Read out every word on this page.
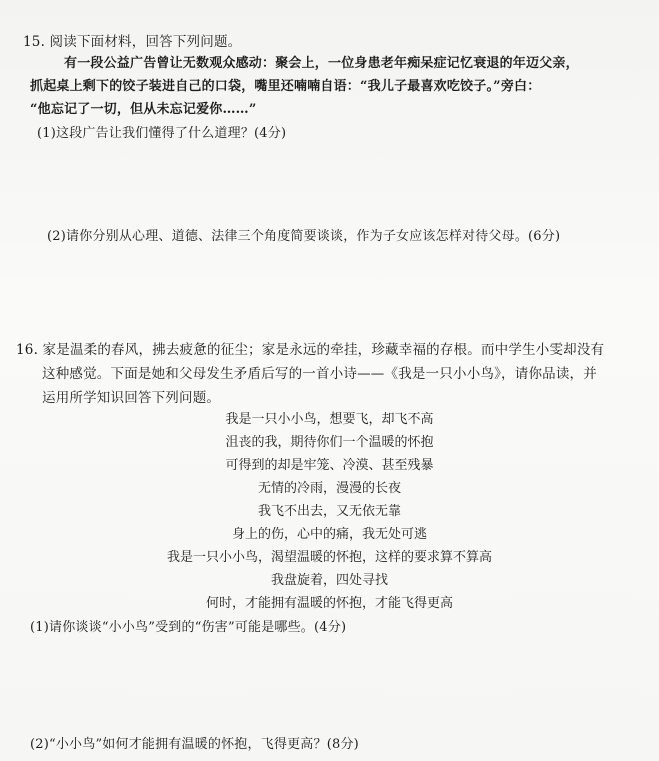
15. 阅读下面材料，回答下列问题。
有一段公益广告曾让无数观众感动：聚会上，一位身患老年痴呆症记忆衰退的年迈父亲，
抓起桌上剩下的饺子装进自己的口袋，嘴里还喃喃自语：“我儿子最喜欢吃饺子。”旁白：
“他忘记了一切，但从未忘记爱你……”
(1)这段广告让我们懂得了什么道理？(4分)
(2)请你分别从心理、道德、法律三个角度简要谈谈，作为子女应该怎样对待父母。(6分)
16. 家是温柔的春风，拂去疲惫的征尘；家是永远的牵挂，珍藏幸福的存根。而中学生小雯却没有
这种感觉。下面是她和父母发生矛盾后写的一首小诗——《我是一只小小鸟》，请你品读，并
运用所学知识回答下列问题。
我是一只小小鸟，想要飞，却飞不高
沮丧的我，期待你们一个温暖的怀抱
可得到的却是牢笼、冷漠、甚至残暴
无情的冷雨，漫漫的长夜
我飞不出去，又无依无靠
身上的伤，心中的痛，我无处可逃
我是一只小小鸟，渴望温暖的怀抱，这样的要求算不算高
我盘旋着，四处寻找
何时，才能拥有温暖的怀抱，才能飞得更高
(1)请你谈谈“小小鸟”受到的“伤害”可能是哪些。(4分)
(2)“小小鸟”如何才能拥有温暖的怀抱，飞得更高？(8分)
